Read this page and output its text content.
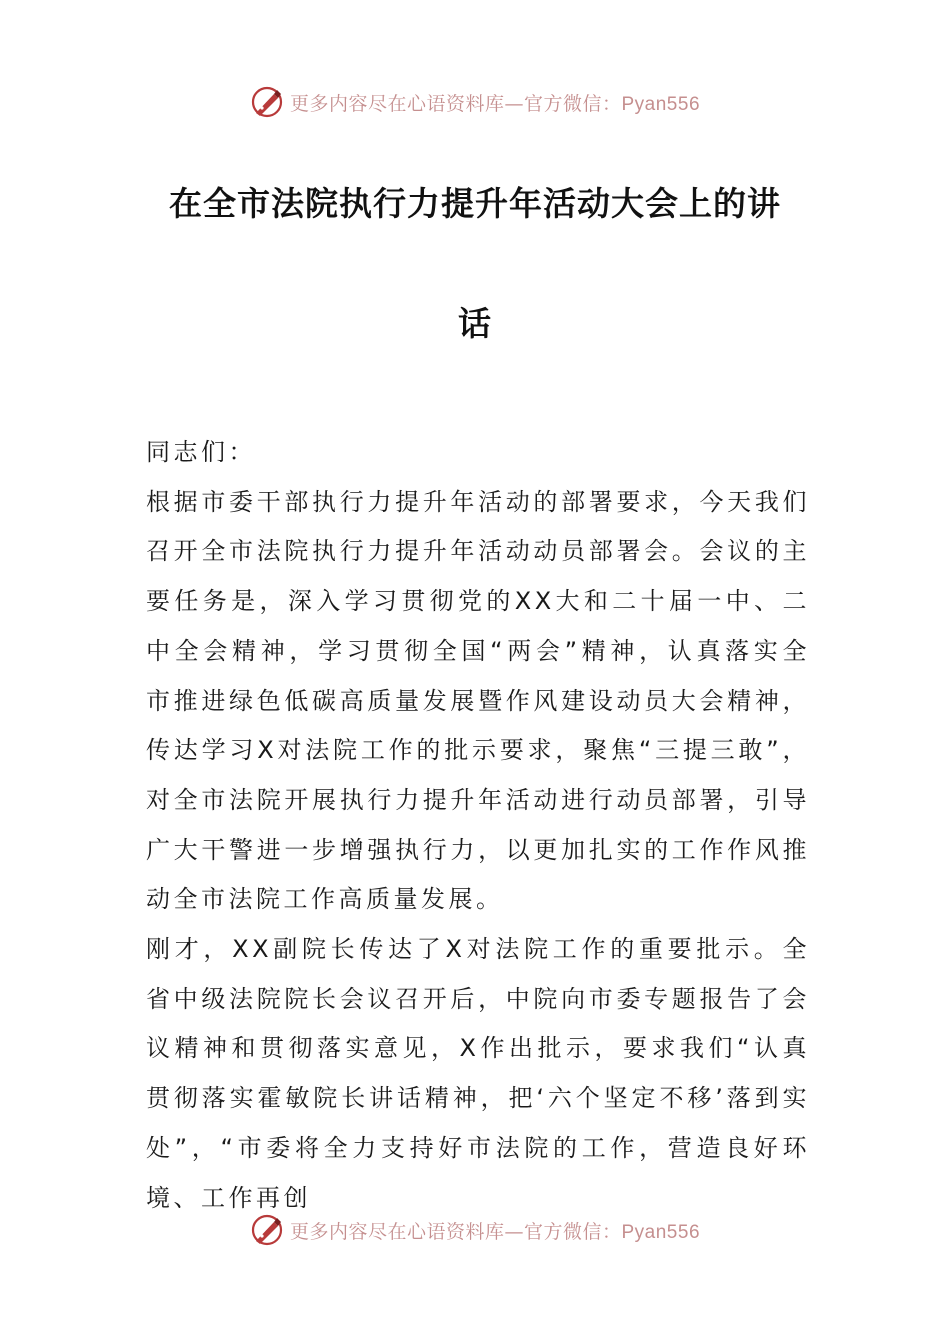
更多内容尽在心语资料库—官方微信：Pyan556
在全市法院执行力提升年活动大会上的讲
话

同志们：

根据市委干部执行力提升年活动的部署要求，今天我们召开全市法院执行力提升年活动动员部署会。会议的主要任务是，深入学习贯彻党的XX大和二十届一中、二中全会精神，学习贯彻全国“两会”精神，认真落实全市推进绿色低碳高质量发展暨作风建设动员大会精神，传达学习X对法院工作的批示要求，聚焦“三提三敢”，对全市法院开展执行力提升年活动进行动员部署，引导广大干警进一步增强执行力，以更加扎实的工作作风推动全市法院工作高质量发展。

刚才，XX副院长传达了X对法院工作的重要批示。全省中级法院院长会议召开后，中院向市委专题报告了会议精神和贯彻落实意见，X作出批示，要求我们“认真贯彻落实霍敏院长讲话精神，把‘六个坚定不移’落到实处”，“市委将全力支持好市法院的工作，营造良好环境、工作再创

更多内容尽在心语资料库—官方微信：Pyan556
